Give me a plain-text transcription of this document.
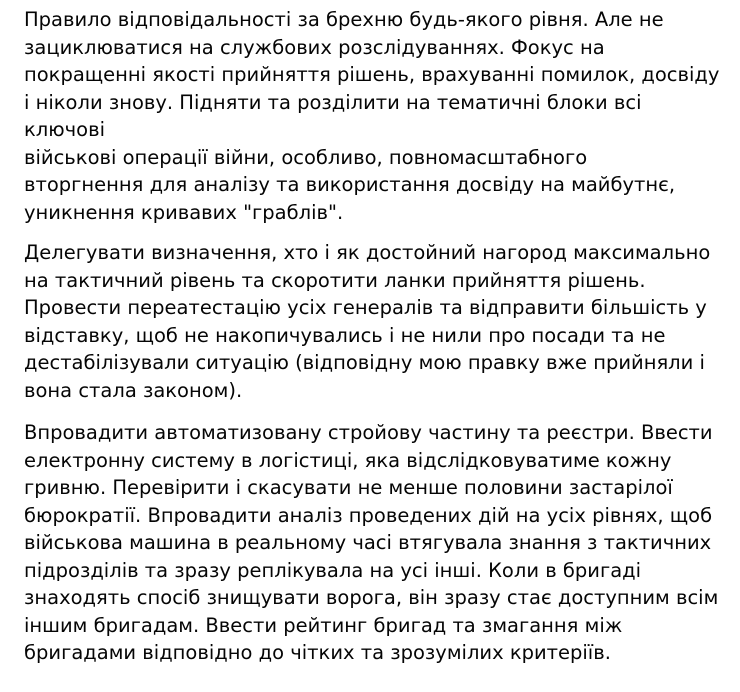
Правило відповідальності за брехню будь-якого рівня. Але не
зациклюватися на службових розслідуваннях. Фокус на
покращенні якості прийняття рішень, врахуванні помилок, досвіду
і ніколи знову. Підняти та розділити на тематичні блоки всі ключові
військові операції війни, особливо, повномасштабного
вторгнення для аналізу та використання досвіду на майбутнє,
уникнення кривавих "граблів".

Делегувати визначення, хто і як достойний нагород максимально
на тактичний рівень та скоротити ланки прийняття рішень.
Провести переатестацію усіх генералів та відправити більшість у
відставку, щоб не накопичувались і не нили про посади та не
дестабілізували ситуацію (відповідну мою правку вже прийняли і
вона стала законом).

Впровадити автоматизовану стройову частину та реєстри. Ввести
електронну систему в логістиці, яка відслідковуватиме кожну
гривню. Перевірити і скасувати не менше половини застарілої
бюрократії. Впровадити аналіз проведених дій на усіх рівнях, щоб
військова машина в реальному часі втягувала знання з тактичних
підрозділів та зразу реплікувала на усі інші. Коли в бригаді
знаходять спосіб знищувати ворога, він зразу стає доступним всім
іншим бригадам. Ввести рейтинг бригад та змагання між
бригадами відповідно до чітких та зрозумілих критеріїв.
